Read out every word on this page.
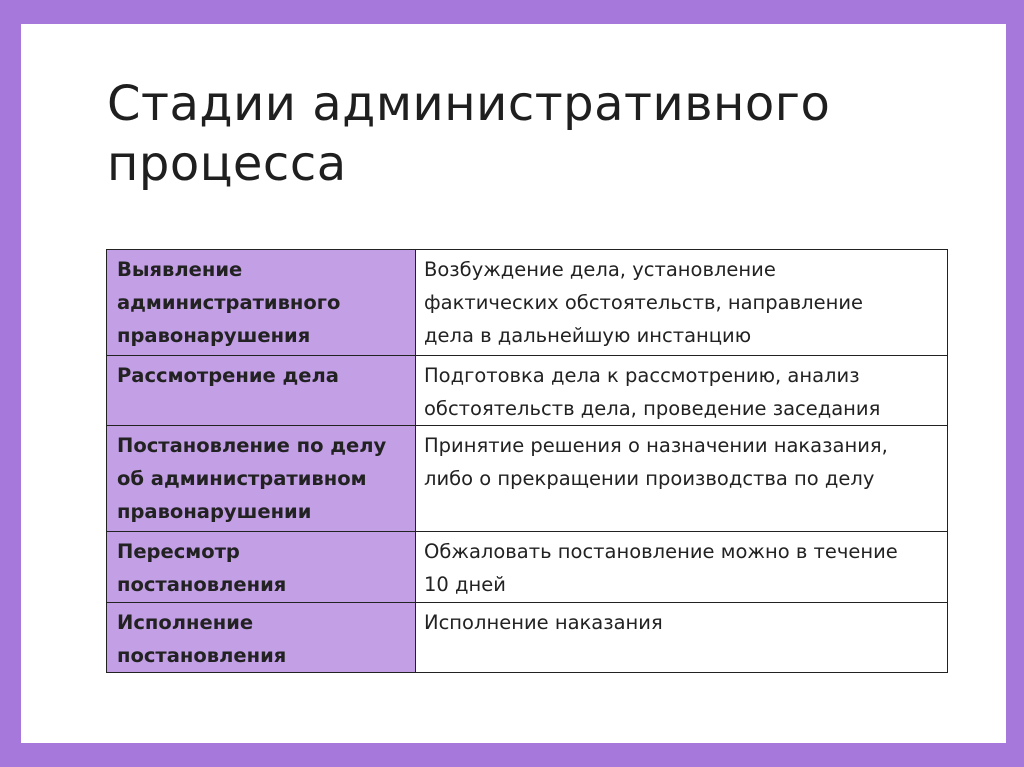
Стадии административного
процесса
Выявление
административного
правонарушения	Возбуждение дела, установление
фактических обстоятельств, направление
дела в дальнейшую инстанцию
Рассмотрение дела	Подготовка дела к рассмотрению, анализ
обстоятельств дела, проведение заседания
Постановление по делу
об административном
правонарушении	Принятие решения о назначении наказания,
либо о прекращении производства по делу
Пересмотр
постановления	Обжаловать постановление можно в течение
10 дней
Исполнение
постановления	Исполнение наказания
